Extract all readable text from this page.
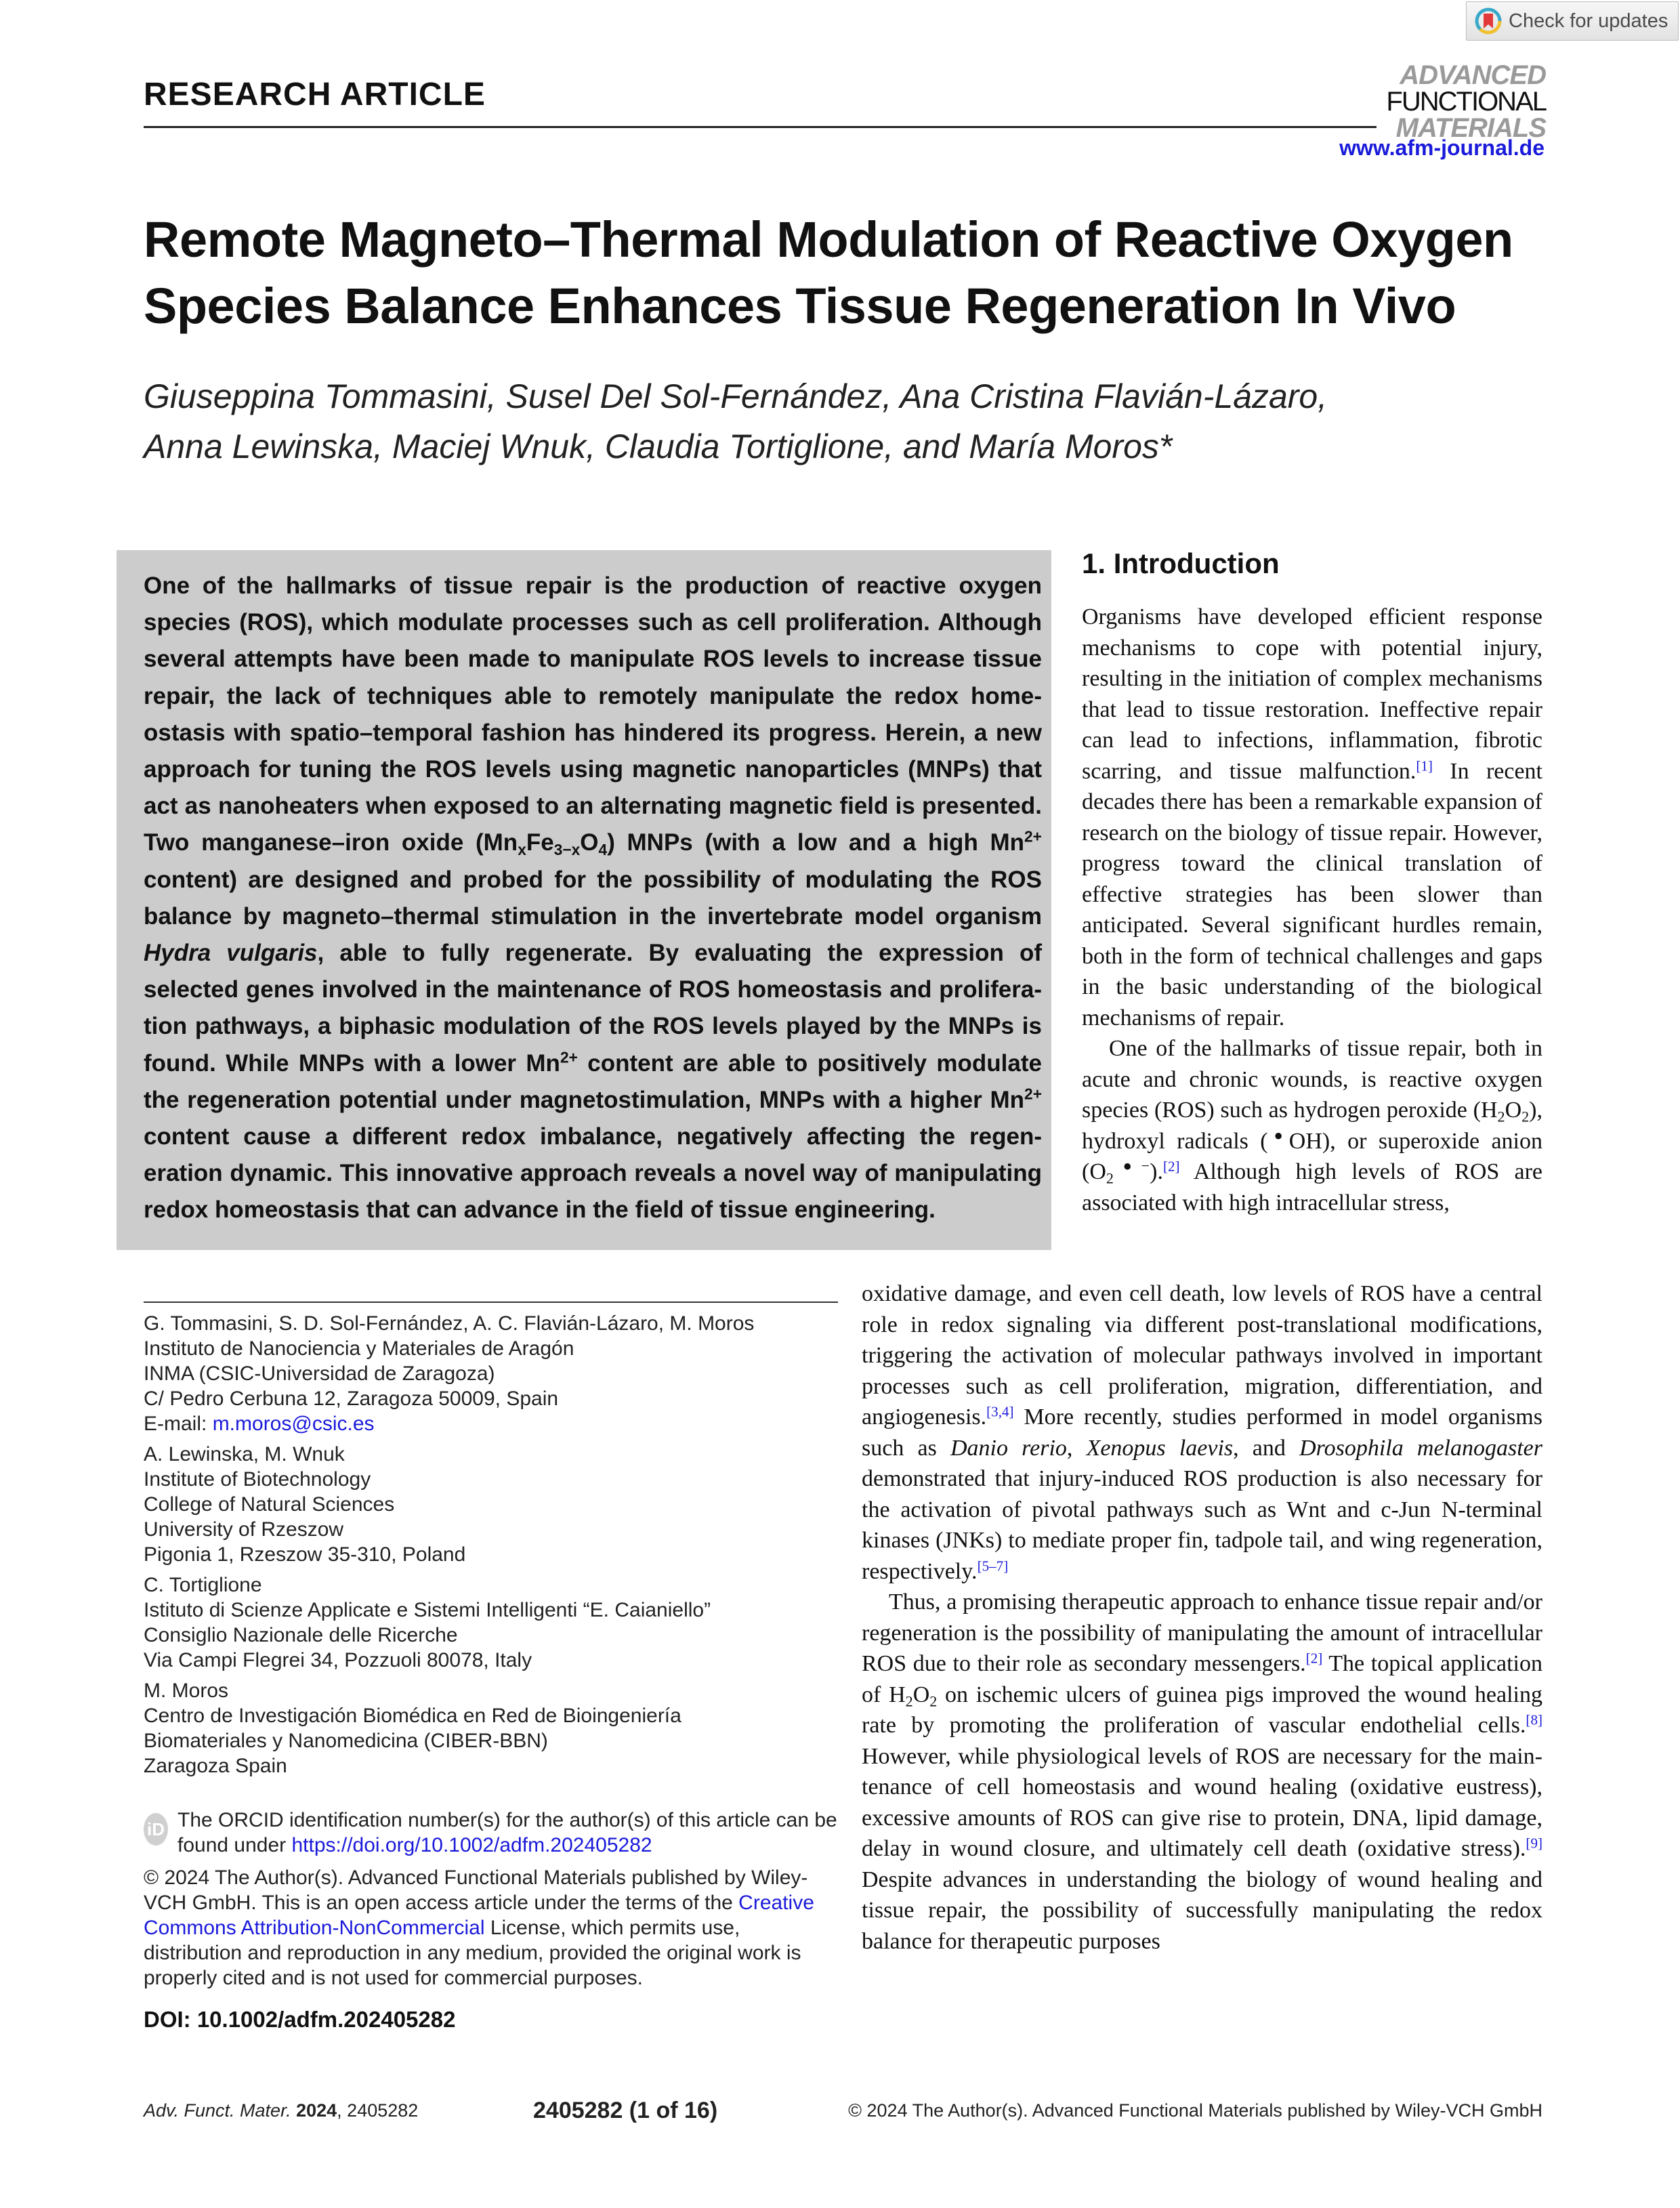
Check for updates
RESEARCH ARTICLE
ADVANCED
FUNCTIONAL
MATERIALS
www.afm-journal.de
Remote Magneto–Thermal Modulation of Reactive Oxygen
Species Balance Enhances Tissue Regeneration In Vivo
Giuseppina Tommasini, Susel Del Sol-Fernández, Ana Cristina Flavián-Lázaro,
Anna Lewinska, Maciej Wnuk, Claudia Tortiglione, and María Moros*

One of the hallmarks of tissue repair is the production of reactive oxygen species (ROS), which modulate processes such as cell proliferation. Although several attempts have been made to manipulate ROS levels to increase tissue repair, the lack of techniques able to remotely manipulate the redox homeostasis with spatio–temporal fashion has hindered its progress. Herein, a new approach for tuning the ROS levels using magnetic nanoparticles (MNPs) that act as nanoheaters when exposed to an alternating magnetic field is presented. Two manganese–iron oxide $(Mn_xFe_{3-x}O_4)$ MNPs (with a low and a high $Mn^{2+}$ content) are designed and probed for the possibility of modulating the ROS balance by magneto–thermal stimulation in the invertebrate model organism Hydra vulgaris, able to fully regenerate. By evaluating the expression of selected genes involved in the maintenance of ROS homeostasis and proliferation pathways, a biphasic modulation of the ROS levels played by the MNPs is found. While MNPs with a lower $Mn^{2+}$ content are able to positively modulate the regeneration potential under magnetostimulation, MNPs with a higher $Mn^{2+}$ content cause a different redox imbalance, negatively affecting the regeneration dynamic. This innovative approach reveals a novel way of manipulating redox homeostasis that can advance in the field of tissue engineering.

1. Introduction

Organisms have developed efficient response mechanisms to cope with potential injury, resulting in the initiation of complex mechanisms that lead to tissue restoration. Ineffective repair can lead to infections, inflammation, fibrotic scarring, and tissue malfunction.[1] In recent decades there has been a remarkable expansion of research on the biology of tissue repair. However, progress toward the clinical translation of effective strategies has been slower than anticipated. Several significant hurdles remain, both in the form of technical challenges and gaps in the basic understanding of the biological mechanisms of repair.

One of the hallmarks of tissue repair, both in acute and chronic wounds, is reactive oxygen species (ROS) such as hydrogen peroxide $(H_2O_2)$, hydroxyl radicals (●OH), or superoxide anion $(O_2^{●-}).[2]$ Although high levels of ROS are associated with high intracellular stress,

oxidative damage, and even cell death, low levels of ROS have a central role in redox signaling via different post-translational modifications, triggering the activation of molecular pathways involved in important processes such as cell proliferation, migration, differentiation, and angiogenesis.[3,4] More recently, studies performed in model organisms such as Danio rerio, Xenopus laevis, and Drosophila melanogaster demonstrated that injury-induced ROS production is also necessary for the activation of pivotal pathways such as Wnt and c-Jun N-terminal kinases (JNKs) to mediate proper fin, tadpole tail, and wing regeneration, respectively.[5–7]

Thus, a promising therapeutic approach to enhance tissue repair and/or regeneration is the possibility of manipulating the amount of intracellular ROS due to their role as secondary messengers.[2] The topical application of $H_2O_2$ on ischemic ulcers of guinea pigs improved the wound healing rate by promoting the proliferation of vascular endothelial cells.[8] However, while physiological levels of ROS are necessary for the maintenance of cell homeostasis and wound healing (oxidative eustress), excessive amounts of ROS can give rise to protein, DNA, lipid damage, delay in wound closure, and ultimately cell death (oxidative stress).[9] Despite advances in understanding the biology of wound healing and tissue repair, the possibility of successfully manipulating the redox balance for therapeutic purposes

G. Tommasini, S. D. Sol-Fernández, A. C. Flavián-Lázaro, M. Moros
Instituto de Nanociencia y Materiales de Aragón
INMA (CSIC-Universidad de Zaragoza)
C/ Pedro Cerbuna 12, Zaragoza 50009, Spain
E-mail: m.moros@csic.es
A. Lewinska, M. Wnuk
Institute of Biotechnology
College of Natural Sciences
University of Rzeszow
Pigonia 1, Rzeszow 35-310, Poland
C. Tortiglione
Istituto di Scienze Applicate e Sistemi Intelligenti “E. Caianiello”
Consiglio Nazionale delle Ricerche
Via Campi Flegrei 34, Pozzuoli 80078, Italy
M. Moros
Centro de Investigación Biomédica en Red de Bioingeniería
Biomateriales y Nanomedicina (CIBER-BBN)
Zaragoza Spain
iD The ORCID identification number(s) for the author(s) of this article can be found under https://doi.org/10.1002/adfm.202405282
© 2024 The Author(s). Advanced Functional Materials published by Wiley-VCH GmbH. This is an open access article under the terms of the Creative Commons Attribution-NonCommercial License, which permits use, distribution and reproduction in any medium, provided the original work is properly cited and is not used for commercial purposes.
DOI: 10.1002/adfm.202405282
Adv. Funct. Mater. 2024, 2405282	2405282 (1 of 16)	© 2024 The Author(s). Advanced Functional Materials published by Wiley-VCH GmbH
